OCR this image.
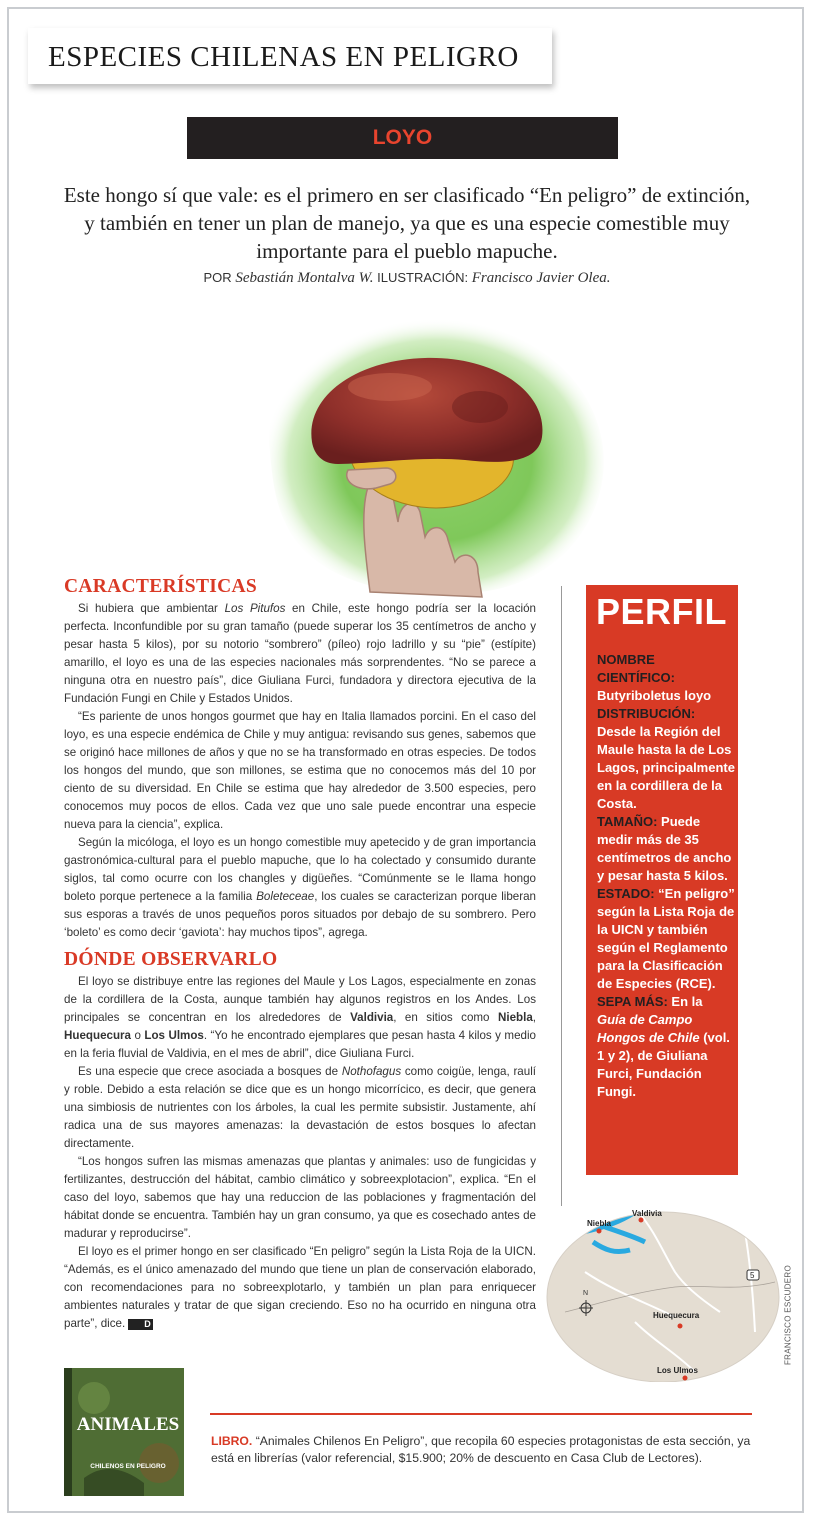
ESPECIES CHILENAS EN PELIGRO
LOYO

Este hongo sí que vale: es el primero en ser clasificado “En peligro” de extinción, y también en tener un plan de manejo, ya que es una especie comestible muy importante para el pueblo mapuche.

POR Sebastián Montalva W. ILUSTRACIÓN: Francisco Javier Olea.
CARACTERÍSTICAS

Si hubiera que ambientar Los Pitufos en Chile, este hongo podría ser la locación perfecta. Inconfundible por su gran tamaño (puede superar los 35 centímetros de ancho y pesar hasta 5 kilos), por su notorio “sombrero” (píleo) rojo ladrillo y su “pie” (estípite) amarillo, el loyo es una de las especies nacionales más sorprendentes. “No se parece a ninguna otra en nuestro país”, dice Giuliana Furci, fundadora y directora ejecutiva de la Fundación Fungi en Chile y Estados Unidos.

“Es pariente de unos hongos gourmet que hay en Italia llamados porcini. En el caso del loyo, es una especie endémica de Chile y muy antigua: revisando sus genes, sabemos que se originó hace millones de años y que no se ha transformado en otras especies. De todos los hongos del mundo, que son millones, se estima que no conocemos más del 10 por ciento de su diversidad. En Chile se estima que hay alrededor de 3.500 especies, pero conocemos muy pocos de ellos. Cada vez que uno sale puede encontrar una especie nueva para la ciencia”, explica.

Según la micóloga, el loyo es un hongo comestible muy apetecido y de gran importancia gastronómica-cultural para el pueblo mapuche, que lo ha colectado y consumido durante siglos, tal como ocurre con los changles y digüeñes. “Comúnmente se le llama hongo boleto porque pertenece a la familia Boleteceae, los cuales se caracterizan porque liberan sus esporas a través de unos pequeños poros situados por debajo de su sombrero. Pero ‘boleto’ es como decir ‘gaviota’: hay muchos tipos”, agrega.

DÓNDE OBSERVARLO

El loyo se distribuye entre las regiones del Maule y Los Lagos, especialmente en zonas de la cordillera de la Costa, aunque también hay algunos registros en los Andes. Los principales se concentran en los alrededores de Valdivia, en sitios como Niebla, Huequecura o Los Ulmos. “Yo he encontrado ejemplares que pesan hasta 4 kilos y medio en la feria fluvial de Valdivia, en el mes de abril”, dice Giuliana Furci.

Es una especie que crece asociada a bosques de Nothofagus como coigüe, lenga, raulí y roble. Debido a esta relación se dice que es un hongo micorrícico, es decir, que genera una simbiosis de nutrientes con los árboles, la cual les permite subsistir. Justamente, ahí radica una de sus mayores amenazas: la devastación de estos bosques lo afectan directamente.

“Los hongos sufren las mismas amenazas que plantas y animales: uso de fungicidas y fertilizantes, destrucción del hábitat, cambio climático y sobreexplotacion”, explica. “En el caso del loyo, sabemos que hay una reduccion de las poblaciones y fragmentación del hábitat donde se encuentra. También hay un gran consumo, ya que es cosechado antes de madurar y reproducirse”.

El loyo es el primer hongo en ser clasificado “En peligro” según la Lista Roja de la UICN. “Además, es el único amenazado del mundo que tiene un plan de conservación elaborado, con recomendaciones para no sobreexplotarlo, y también un plan para enriquecer ambientes naturales y tratar de que sigan creciendo. Eso no ha ocurrido en ninguna otra parte”, dice. D

PERFIL
NOMBRE CIENTÍFICO:
Butyriboletus loyo
DISTRIBUCIÓN:
Desde la Región del Maule hasta la de Los Lagos, principalmente en la cordillera de la Costa.
TAMAÑO: Puede medir más de 35 centímetros de ancho y pesar hasta 5 kilos.
ESTADO: “En peligro” según la Lista Roja de la UICN y también según el Reglamento para la Clasificación de Especies (RCE).
SEPA MÁS: En la Guía de Campo Hongos de Chile (vol. 1 y 2), de Giuliana Furci, Fundación Fungi.
Valdivia
Niebla
Huequecura
Los Ulmos
N
5	FRANCISCO ESCUDERO
ANIMALES
CHILENOS EN PELIGRO

LIBRO. “Animales Chilenos En Peligro”, que recopila 60 especies protagonistas de esta sección, ya está en librerías (valor referencial, $15.900; 20% de descuento en Casa Club de Lectores).
